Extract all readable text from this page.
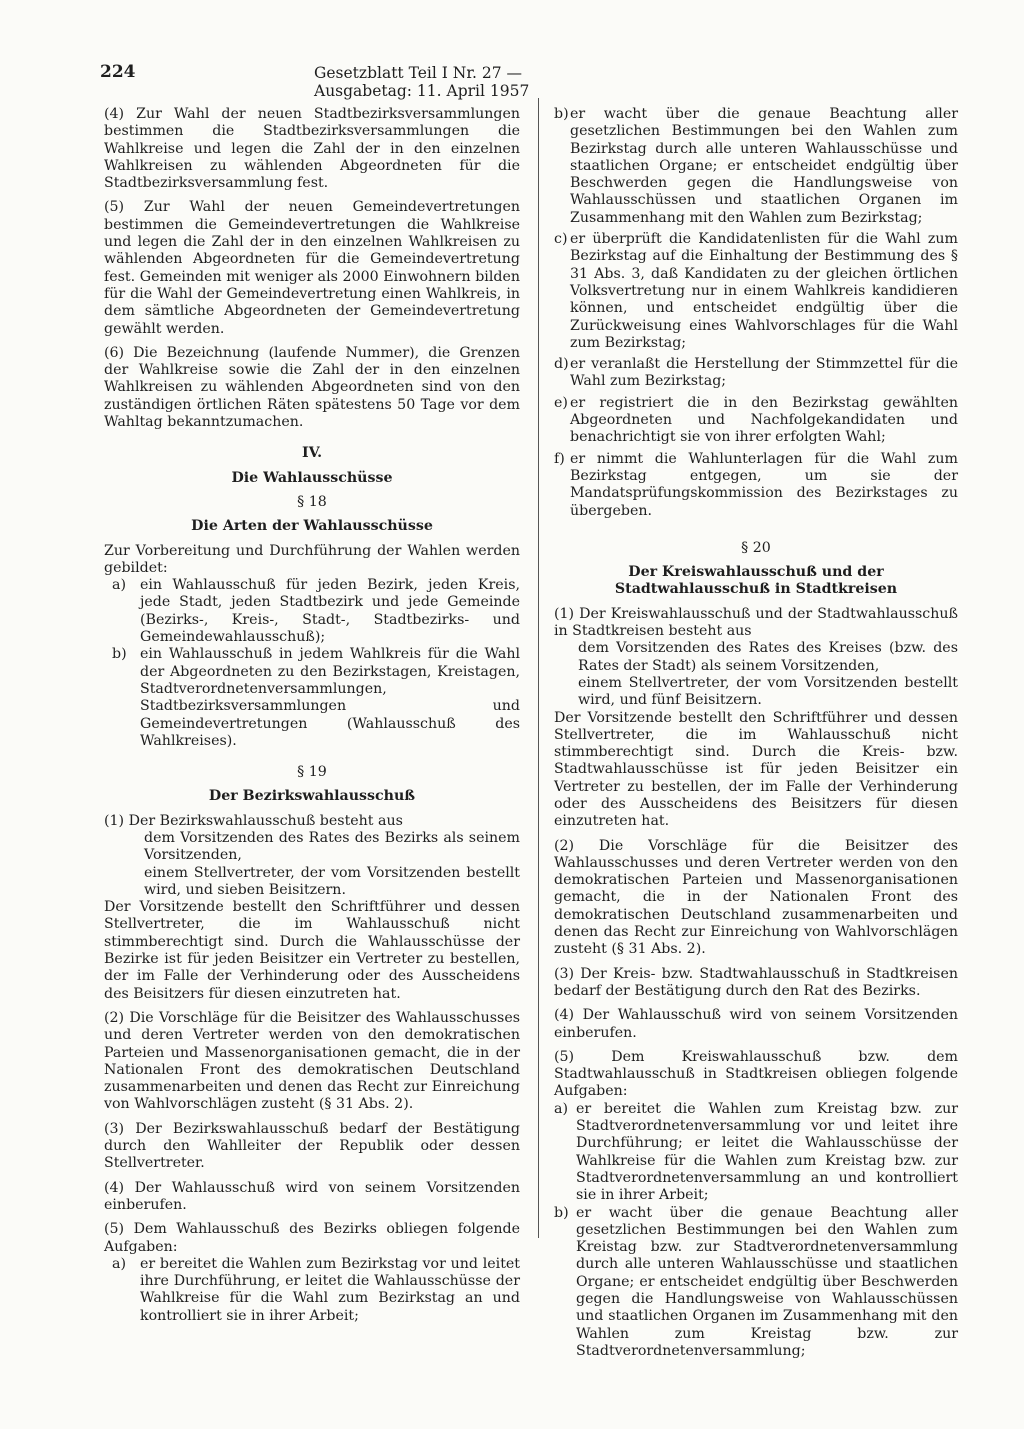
224	Gesetzblatt Teil I Nr. 27 — Ausgabetag: 11. April 1957

(4) Zur Wahl der neuen Stadtbezirksversammlungen bestimmen die Stadtbezirksversammlungen die Wahlkreise und legen die Zahl der in den einzelnen Wahlkreisen zu wählenden Abgeordneten für die Stadtbezirksversammlung fest.

(5) Zur Wahl der neuen Gemeindevertretungen bestimmen die Gemeindevertretungen die Wahlkreise und legen die Zahl der in den einzelnen Wahlkreisen zu wählenden Abgeordneten für die Gemeindevertretung fest. Gemeinden mit weniger als 2000 Einwohnern bilden für die Wahl der Gemeindevertretung einen Wahlkreis, in dem sämtliche Abgeordneten der Gemeindevertretung gewählt werden.

(6) Die Bezeichnung (laufende Nummer), die Grenzen der Wahlkreise sowie die Zahl der in den einzelnen Wahlkreisen zu wählenden Abgeordneten sind von den zuständigen örtlichen Räten spätestens 50 Tage vor dem Wahltag bekanntzumachen.

IV.

Die Wahlausschüsse

§ 18

Die Arten der Wahlausschüsse

Zur Vorbereitung und Durchführung der Wahlen werden gebildet:

a) ein Wahlausschuß für jeden Bezirk, jeden Kreis, jede Stadt, jeden Stadtbezirk und jede Gemeinde (Bezirks-, Kreis-, Stadt-, Stadtbezirks- und Gemeindewahlausschuß);
b) ein Wahlausschuß in jedem Wahlkreis für die Wahl der Abgeordneten zu den Bezirkstagen, Kreistagen, Stadtverordnetenversammlungen, Stadtbezirksversammlungen und Gemeindevertretungen (Wahlausschuß des Wahlkreises).

§ 19

Der Bezirkswahlausschuß

(1) Der Bezirkswahlausschuß besteht aus

dem Vorsitzenden des Rates des Bezirks als seinem Vorsitzenden,

einem Stellvertreter, der vom Vorsitzenden bestellt wird, und sieben Beisitzern.

Der Vorsitzende bestellt den Schriftführer und dessen Stellvertreter, die im Wahlausschuß nicht stimmberechtigt sind. Durch die Wahlausschüsse der Bezirke ist für jeden Beisitzer ein Vertreter zu bestellen, der im Falle der Verhinderung oder des Ausscheidens des Beisitzers für diesen einzutreten hat.

(2) Die Vorschläge für die Beisitzer des Wahlausschusses und deren Vertreter werden von den demokratischen Parteien und Massenorganisationen gemacht, die in der Nationalen Front des demokratischen Deutschland zusammenarbeiten und denen das Recht zur Einreichung von Wahlvorschlägen zusteht (§ 31 Abs. 2).

(3) Der Bezirkswahlausschuß bedarf der Bestätigung durch den Wahlleiter der Republik oder dessen Stellvertreter.

(4) Der Wahlausschuß wird von seinem Vorsitzenden einberufen.

(5) Dem Wahlausschuß des Bezirks obliegen folgende Aufgaben:

a) er bereitet die Wahlen zum Bezirkstag vor und leitet ihre Durchführung, er leitet die Wahlausschüsse der Wahlkreise für die Wahl zum Bezirkstag an und kontrolliert sie in ihrer Arbeit;
b) er wacht über die genaue Beachtung aller gesetzlichen Bestimmungen bei den Wahlen zum Bezirkstag durch alle unteren Wahlausschüsse und staatlichen Organe; er entscheidet endgültig über Beschwerden gegen die Handlungsweise von Wahlausschüssen und staatlichen Organen im Zusammenhang mit den Wahlen zum Bezirkstag;
c) er überprüft die Kandidatenlisten für die Wahl zum Bezirkstag auf die Einhaltung der Bestimmung des § 31 Abs. 3, daß Kandidaten zu der gleichen örtlichen Volksvertretung nur in einem Wahlkreis kandidieren können, und entscheidet endgültig über die Zurückweisung eines Wahlvorschlages für die Wahl zum Bezirkstag;
d) er veranlaßt die Herstellung der Stimmzettel für die Wahl zum Bezirkstag;
e) er registriert die in den Bezirkstag gewählten Abgeordneten und Nachfolgekandidaten und benachrichtigt sie von ihrer erfolgten Wahl;
f) er nimmt die Wahlunterlagen für die Wahl zum Bezirkstag entgegen, um sie der Mandatsprüfungskommission des Bezirkstages zu übergeben.

§ 20

Der Kreiswahlausschuß und der Stadtwahlausschuß in Stadtkreisen

(1) Der Kreiswahlausschuß und der Stadtwahlausschuß in Stadtkreisen besteht aus

dem Vorsitzenden des Rates des Kreises (bzw. des Rates der Stadt) als seinem Vorsitzenden,

einem Stellvertreter, der vom Vorsitzenden bestellt wird, und fünf Beisitzern.

Der Vorsitzende bestellt den Schriftführer und dessen Stellvertreter, die im Wahlausschuß nicht stimmberechtigt sind. Durch die Kreis- bzw. Stadtwahlausschüsse ist für jeden Beisitzer ein Vertreter zu bestellen, der im Falle der Verhinderung oder des Ausscheidens des Beisitzers für diesen einzutreten hat.

(2) Die Vorschläge für die Beisitzer des Wahlausschusses und deren Vertreter werden von den demokratischen Parteien und Massenorganisationen gemacht, die in der Nationalen Front des demokratischen Deutschland zusammenarbeiten und denen das Recht zur Einreichung von Wahlvorschlägen zusteht (§ 31 Abs. 2).

(3) Der Kreis- bzw. Stadtwahlausschuß in Stadtkreisen bedarf der Bestätigung durch den Rat des Bezirks.

(4) Der Wahlausschuß wird von seinem Vorsitzenden einberufen.

(5) Dem Kreiswahlausschuß bzw. dem Stadtwahlausschuß in Stadtkreisen obliegen folgende Aufgaben:

a) er bereitet die Wahlen zum Kreistag bzw. zur Stadtverordnetenversammlung vor und leitet ihre Durchführung; er leitet die Wahlausschüsse der Wahlkreise für die Wahlen zum Kreistag bzw. zur Stadtverordnetenversammlung an und kontrolliert sie in ihrer Arbeit;
b) er wacht über die genaue Beachtung aller gesetzlichen Bestimmungen bei den Wahlen zum Kreistag bzw. zur Stadtverordnetenversammlung durch alle unteren Wahlausschüsse und staatlichen Organe; er entscheidet endgültig über Beschwerden gegen die Handlungsweise von Wahlausschüssen und staatlichen Organen im Zusammenhang mit den Wahlen zum Kreistag bzw. zur Stadtverordnetenversammlung;
